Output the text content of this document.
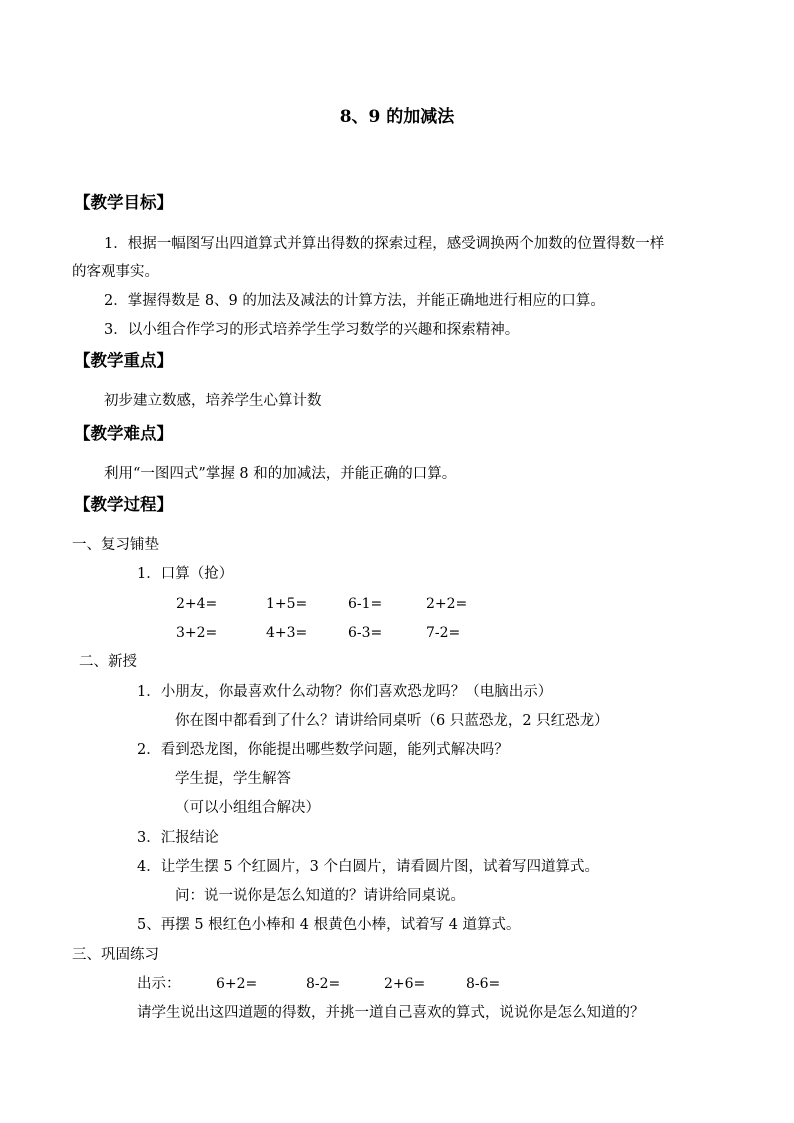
8、9 的加减法
【教学目标】
1．根据一幅图写出四道算式并算出得数的探索过程，感受调换两个加数的位置得数一样
的客观事实。
2．掌握得数是 8、9 的加法及减法的计算方法，并能正确地进行相应的口算。
3．以小组合作学习的形式培养学生学习数学的兴趣和探索精神。
【教学重点】
初步建立数感，培养学生心算计数
【教学难点】
利用“一图四式”掌握 8 和的加减法，并能正确的口算。
【教学过程】
一、复习铺垫
1．口算（抢）
2+4=	1+5=	6-1=	2+2=
3+2=	4+3=	6-3=	7-2=
二、新授
1．小朋友，你最喜欢什么动物？你们喜欢恐龙吗？（电脑出示）
你在图中都看到了什么？请讲给同桌听（6 只蓝恐龙，2 只红恐龙）
2．看到恐龙图，你能提出哪些数学问题，能列式解决吗？
学生提，学生解答
（可以小组组合解决）
3．汇报结论
4．让学生摆 5 个红圆片，3 个白圆片，请看圆片图，试着写四道算式。
问：说一说你是怎么知道的？请讲给同桌说。
5、再摆 5 根红色小棒和 4 根黄色小棒，试着写 4 道算式。
三、巩固练习
出示：	6+2=	8-2=	2+6=	8-6=
请学生说出这四道题的得数，并挑一道自己喜欢的算式，说说你是怎么知道的？
